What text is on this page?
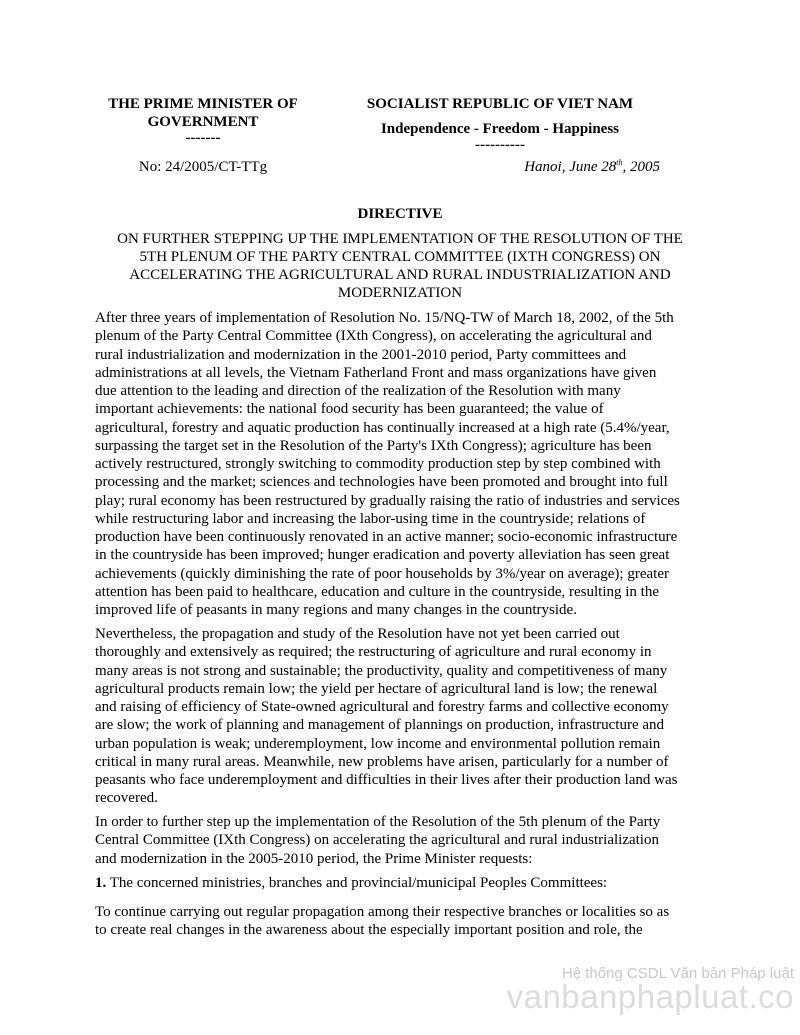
THE PRIME MINISTER OF
GOVERNMENT
-------
No: 24/2005/CT-TTg
SOCIALIST REPUBLIC OF VIET NAM
Independence - Freedom - Happiness
----------
Hanoi, June 28th, 2005
DIRECTIVE
ON FURTHER STEPPING UP THE IMPLEMENTATION OF THE RESOLUTION OF THE
5TH PLENUM OF THE PARTY CENTRAL COMMITTEE (IXTH CONGRESS) ON
ACCELERATING THE AGRICULTURAL AND RURAL INDUSTRIALIZATION AND
MODERNIZATION
After three years of implementation of Resolution No. 15/NQ-TW of March 18, 2002, of the 5th
plenum of the Party Central Committee (IXth Congress), on accelerating the agricultural and
rural industrialization and modernization in the 2001-2010 period, Party committees and
administrations at all levels, the Vietnam Fatherland Front and mass organizations have given
due attention to the leading and direction of the realization of the Resolution with many
important achievements: the national food security has been guaranteed; the value of
agricultural, forestry and aquatic production has continually increased at a high rate (5.4%/year,
surpassing the target set in the Resolution of the Party's IXth Congress); agriculture has been
actively restructured, strongly switching to commodity production step by step combined with
processing and the market; sciences and technologies have been promoted and brought into full
play; rural economy has been restructured by gradually raising the ratio of industries and services
while restructuring labor and increasing the labor-using time in the countryside; relations of
production have been continuously renovated in an active manner; socio-economic infrastructure
in the countryside has been improved; hunger eradication and poverty alleviation has seen great
achievements (quickly diminishing the rate of poor households by 3%/year on average); greater
attention has been paid to healthcare, education and culture in the countryside, resulting in the
improved life of peasants in many regions and many changes in the countryside.
Nevertheless, the propagation and study of the Resolution have not yet been carried out
thoroughly and extensively as required; the restructuring of agriculture and rural economy in
many areas is not strong and sustainable; the productivity, quality and competitiveness of many
agricultural products remain low; the yield per hectare of agricultural land is low; the renewal
and raising of efficiency of State-owned agricultural and forestry farms and collective economy
are slow; the work of planning and management of plannings on production, infrastructure and
urban population is weak; underemployment, low income and environmental pollution remain
critical in many rural areas. Meanwhile, new problems have arisen, particularly for a number of
peasants who face underemployment and difficulties in their lives after their production land was
recovered.
In order to further step up the implementation of the Resolution of the 5th plenum of the Party
Central Committee (IXth Congress) on accelerating the agricultural and rural industrialization
and modernization in the 2005-2010 period, the Prime Minister requests:
1. The concerned ministries, branches and provincial/municipal Peoples Committees:
To continue carrying out regular propagation among their respective branches or localities so as
to create real changes in the awareness about the especially important position and role, the
Hệ thống CSDL Văn bản Pháp luật
vanbanphapluat.co
